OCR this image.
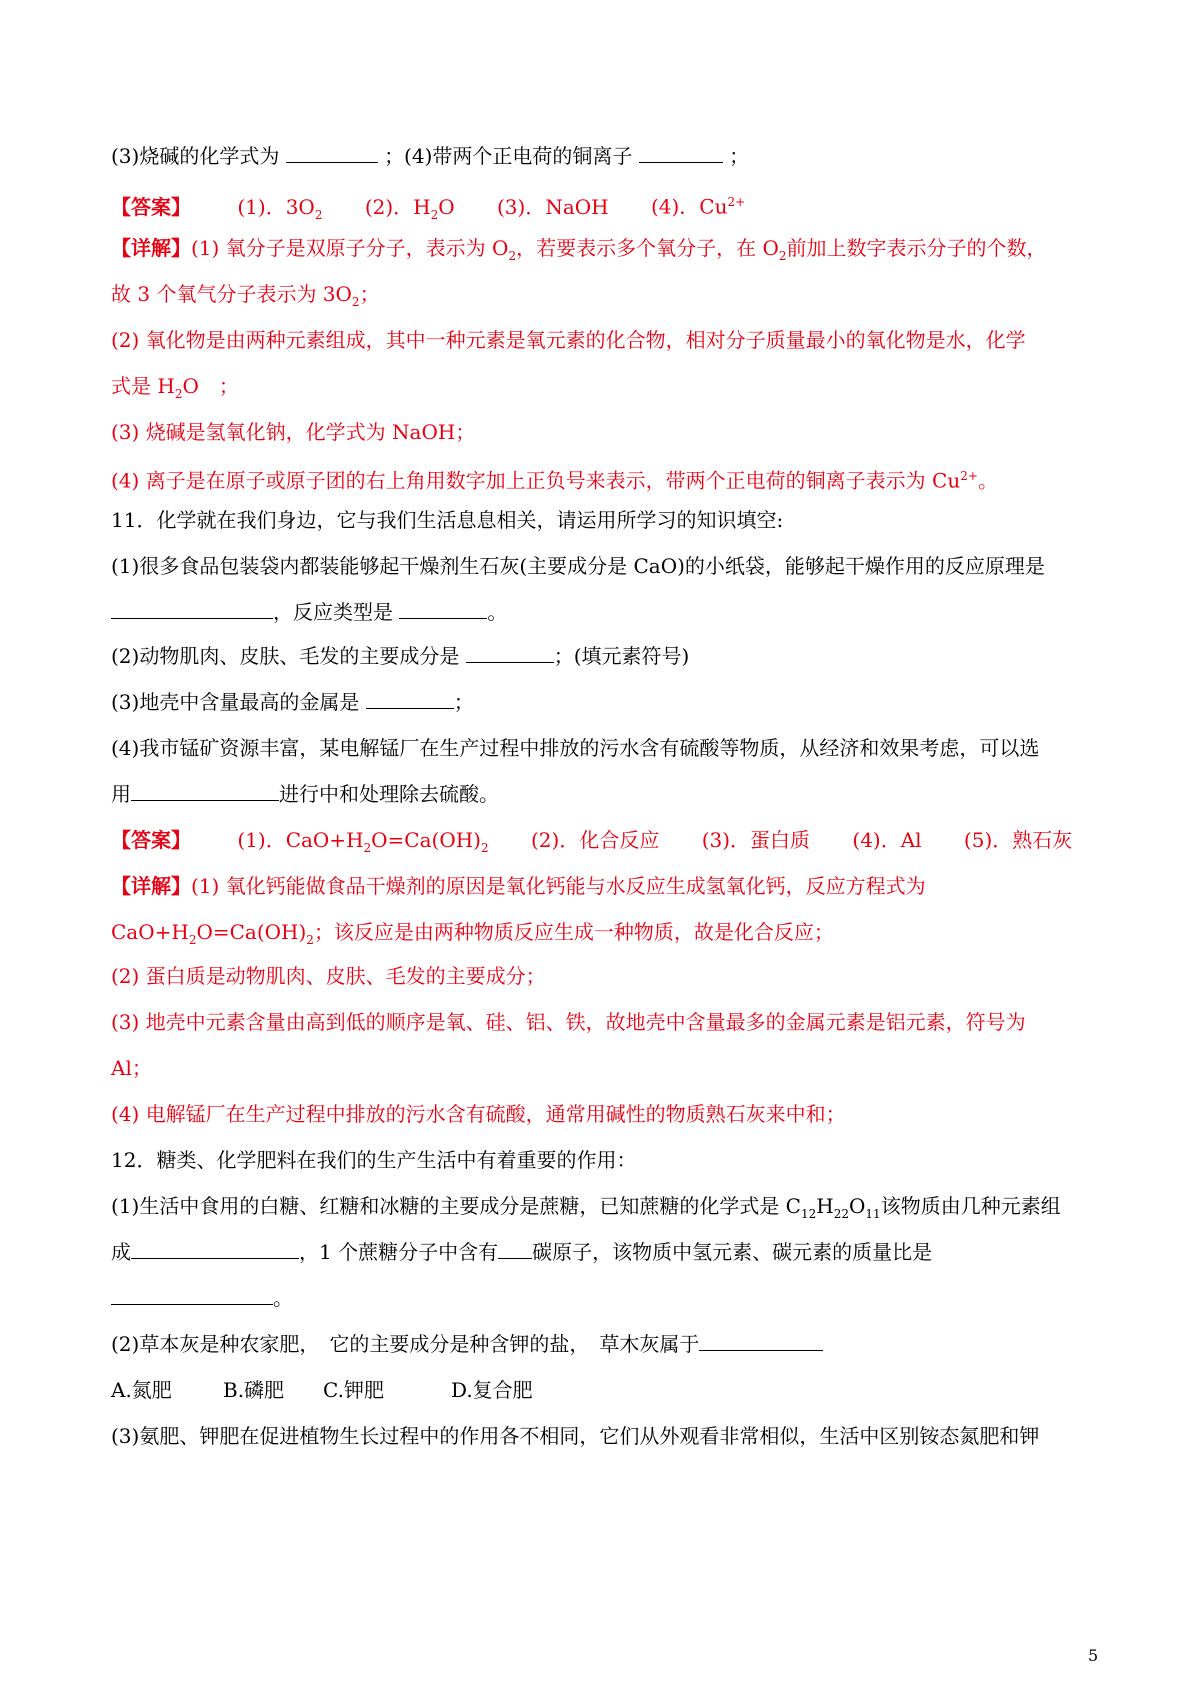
(3)烧碱的化学式为	；(4)带两个正电荷的铜离子	；
【答案】 (1)．$3O_2$ (2)．$H_2O$ (3)．NaOH (4)．$Cu^{2+}$
【详解】(1) 氧分子是双原子分子，表示为 $O_2$，若要表示多个氧分子，在 $O_2$前加上数字表示分子的个数，
故 3 个氧气分子表示为 $3O_2$；
(2) 氧化物是由两种元素组成，其中一种元素是氧元素的化合物，相对分子质量最小的氧化物是水，化学
式是 $H_2O$　；
(3) 烧碱是氢氧化钠，化学式为 NaOH；
(4) 离子是在原子或原子团的右上角用数字加上正负号来表示，带两个正电荷的铜离子表示为 $Cu^{2+}$。
11．化学就在我们身边，它与我们生活息息相关，请运用所学习的知识填空:
(1)很多食品包装袋内都装能够起干燥剂生石灰(主要成分是 CaO)的小纸袋，能够起干燥作用的反应原理是
，反应类型是	。
(2)动物肌肉、皮肤、毛发的主要成分是	；(填元素符号)
(3)地壳中含量最高的金属是	；
(4)我市锰矿资源丰富，某电解锰厂在生产过程中排放的污水含有硫酸等物质，从经济和效果考虑，可以选
用	进行中和处理除去硫酸。
【答案】 (1)．$CaO+H_2O=Ca(OH)_2$ (2)．化合反应 (3)．蛋白质 (4)．Al (5)．熟石灰
【详解】(1) 氧化钙能做食品干燥剂的原因是氧化钙能与水反应生成氢氧化钙，反应方程式为
$CaO+H_2O=Ca(OH)_2$；该反应是由两种物质反应生成一种物质，故是化合反应；
(2) 蛋白质是动物肌肉、皮肤、毛发的主要成分；
(3) 地壳中元素含量由高到低的顺序是氧、硅、铝、铁，故地壳中含量最多的金属元素是铝元素，符号为
Al；
(4) 电解锰厂在生产过程中排放的污水含有硫酸，通常用碱性的物质熟石灰来中和；
12．糖类、化学肥料在我们的生产生活中有着重要的作用：
(1)生活中食用的白糖、红糖和冰糖的主要成分是蔗糖，已知蔗糖的化学式是 $C_{12}H_{22}O_{11}$该物质由几种元素组
成	，1 个蔗糖分子中含有 碳原子，该物质中氢元素、碳元素的质量比是
。
(2)草本灰是种农家肥，　它的主要成分是种含钾的盐，　草木灰属于
A.氮肥	B.磷肥 C.钾肥	D.复合肥
(3)氨肥、钾肥在促进植物生长过程中的作用各不相同，它们从外观看非常相似，生活中区别铵态氮肥和钾
5
